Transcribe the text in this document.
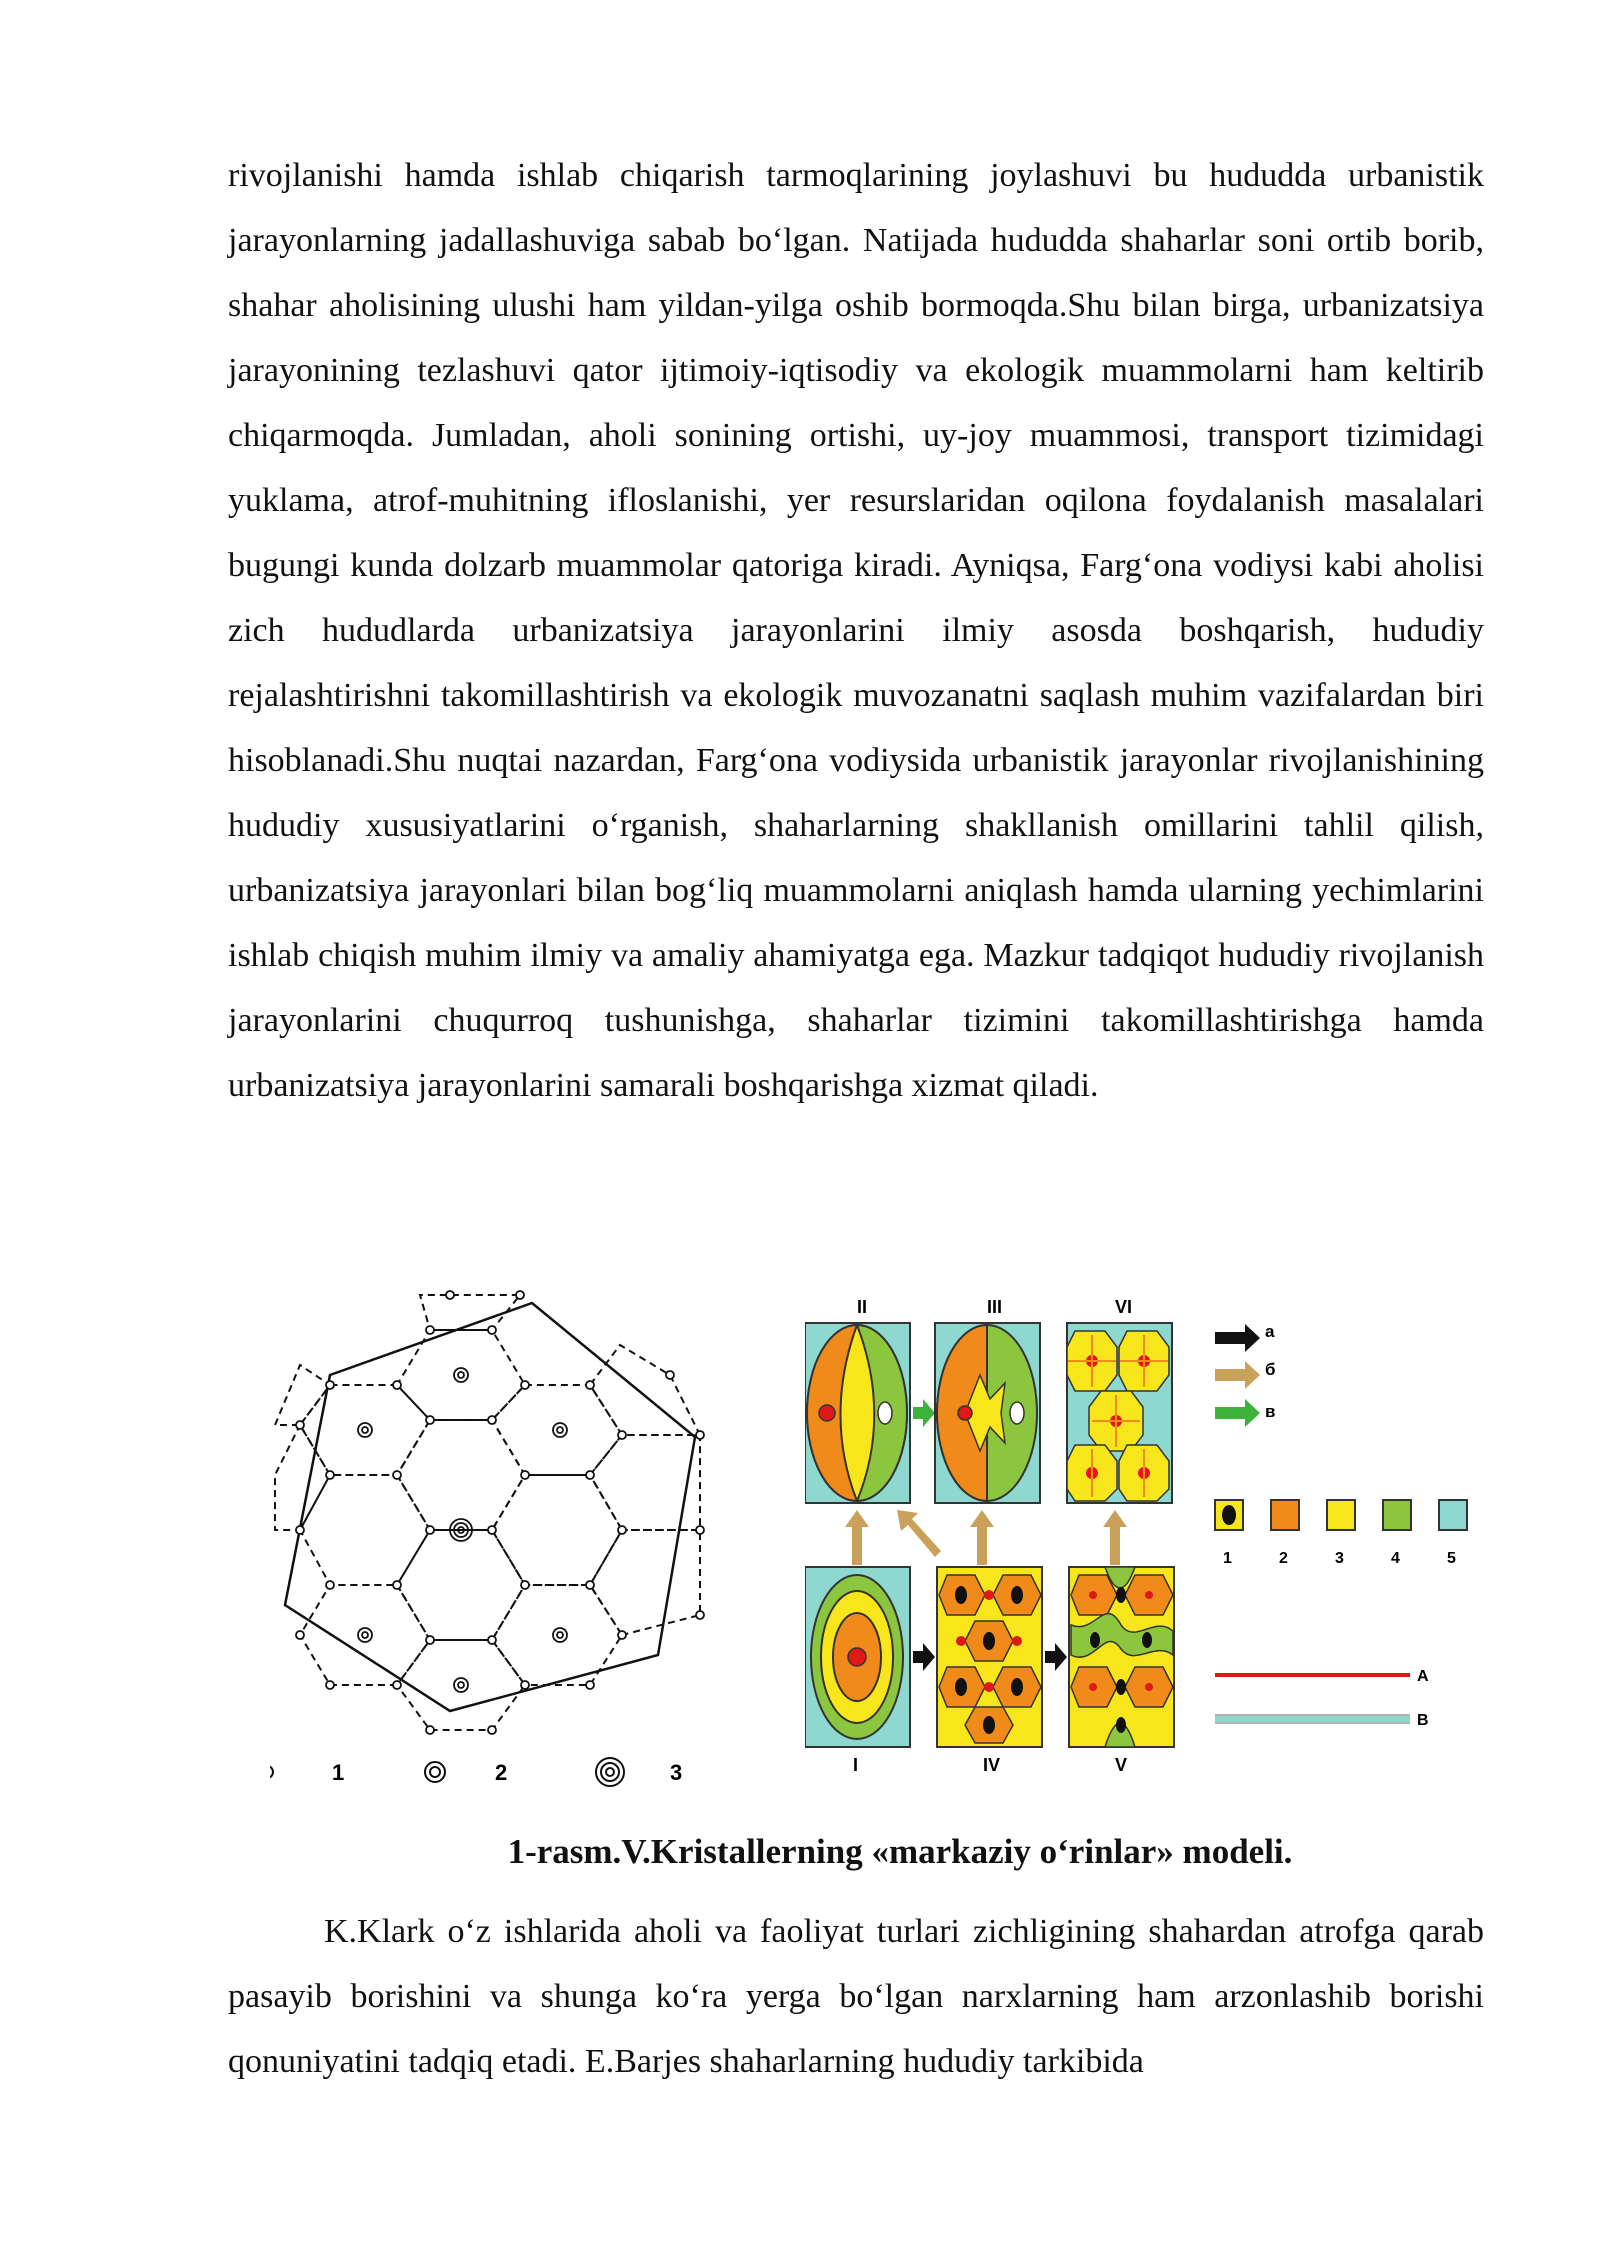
rivojlanishi hamda ishlab chiqarish tarmoqlarining joylashuvi bu hududda urbanistik jarayonlarning jadallashuviga sabab bo‘lgan. Natijada hududda shaharlar soni ortib borib, shahar aholisining ulushi ham yildan-yilga oshib bormoqda.Shu bilan birga, urbanizatsiya jarayonining tezlashuvi qator ijtimoiy-iqtisodiy va ekologik muammolarni ham keltirib chiqarmoqda. Jumladan, aholi sonining ortishi, uy-joy muammosi, transport tizimidagi yuklama, atrof-muhitning ifloslanishi, yer resurslaridan oqilona foydalanish masalalari bugungi kunda dolzarb muammolar qatoriga kiradi. Ayniqsa, Farg‘ona vodiysi kabi aholisi zich hududlarda urbanizatsiya jarayonlarini ilmiy asosda boshqarish, hududiy rejalashtirishni takomillashtirish va ekologik muvozanatni saqlash muhim vazifalardan biri hisoblanadi.Shu nuqtai nazardan, Farg‘ona vodiysida urbanistik jarayonlar rivojlanishining hududiy xususiyatlarini o‘rganish, shaharlarning shakllanish omillarini tahlil qilish, urbanizatsiya jarayonlari bilan bog‘liq muammolarni aniqlash hamda ularning yechimlarini ishlab chiqish muhim ilmiy va amaliy ahamiyatga ega. Mazkur tadqiqot hududiy rivojlanish jarayonlarini chuqurroq tushunishga, shaharlar tizimini takomillashtirishga hamda urbanizatsiya jarayonlarini samarali boshqarishga xizmat qiladi.

1	2	3
II	III	VI
I	IV	V
a
б
в
1	2	3	4	5
A
B
1-rasm.V.Kristallerning «markaziy o‘rinlar» modeli.

K.Klark o‘z ishlarida aholi va faoliyat turlari zichligining shahardan atrofga qarab pasayib borishini va shunga ko‘ra yerga bo‘lgan narxlarning ham arzonlashib borishi qonuniyatini tadqiq etadi. E.Barjes shaharlarning hududiy tarkibida
